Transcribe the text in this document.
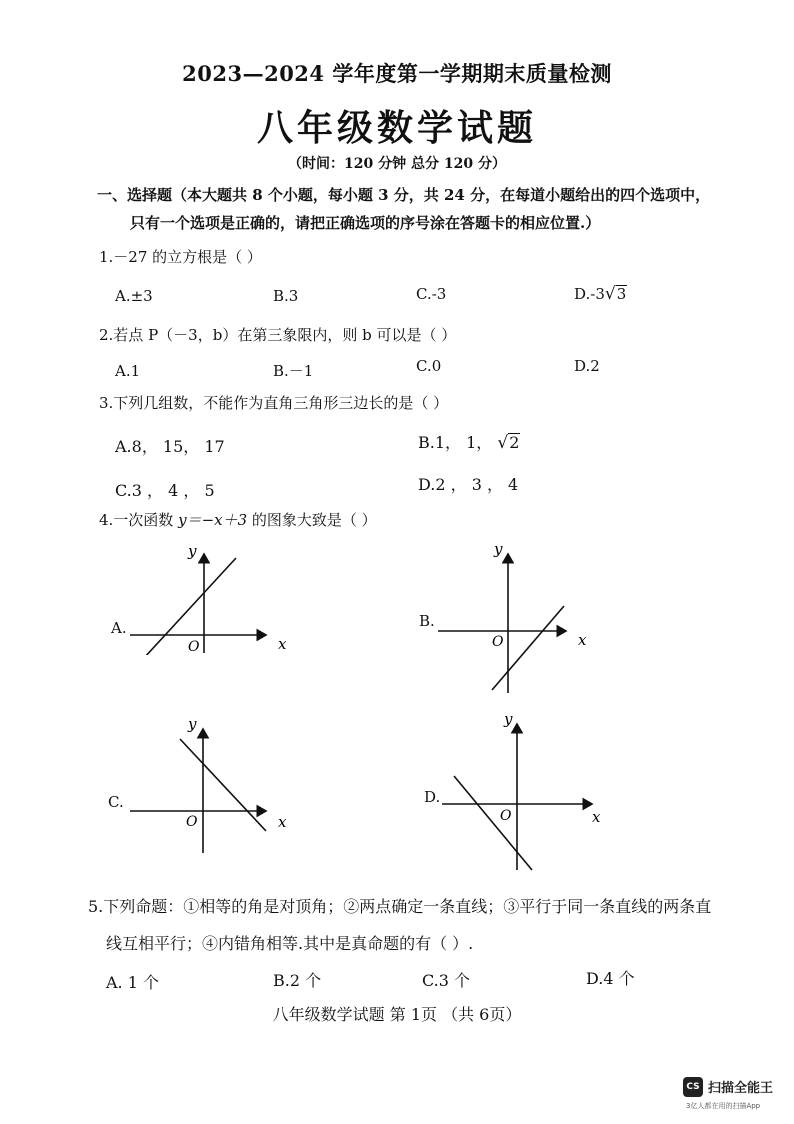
2023—2024 学年度第一学期期末质量检测
八年级数学试题
（时间：120 分钟 总分 120 分）
一、选择题（本大题共 8 个小题，每小题 3 分，共 24 分，在每道小题给出的四个选项中，
只有一个选项是正确的，请把正确选项的序号涂在答题卡的相应位置.）
1.－27 的立方根是（ ）
A.±3	B.3	C.-3	D.-3√3
2.若点 P（－3，b）在第三象限内，则 b 可以是（ ）
A.1	B.－1	C.0	D.2
3.下列几组数，不能作为直角三角形三边长的是（ ）
A.8， 15， 17	B.1， 1， √2
C.3 ， 4 ， 5	D.2 ， 3 ， 4
4.一次函数 y＝−x＋3 的图象大致是（ ）
A.
y
x
O
B.
y
x
O
C.
y
x
O
D.
y
x
O
5.下列命题：①相等的角是对顶角；②两点确定一条直线；③平行于同一条直线的两条直
线互相平行；④内错角相等.其中是真命题的有（ ）.
A. 1 个	B.2 个	C.3 个	D.4 个
八年级数学试题 第 1页 （共 6页）
CS 扫描全能王
3亿人都在用的扫描App
